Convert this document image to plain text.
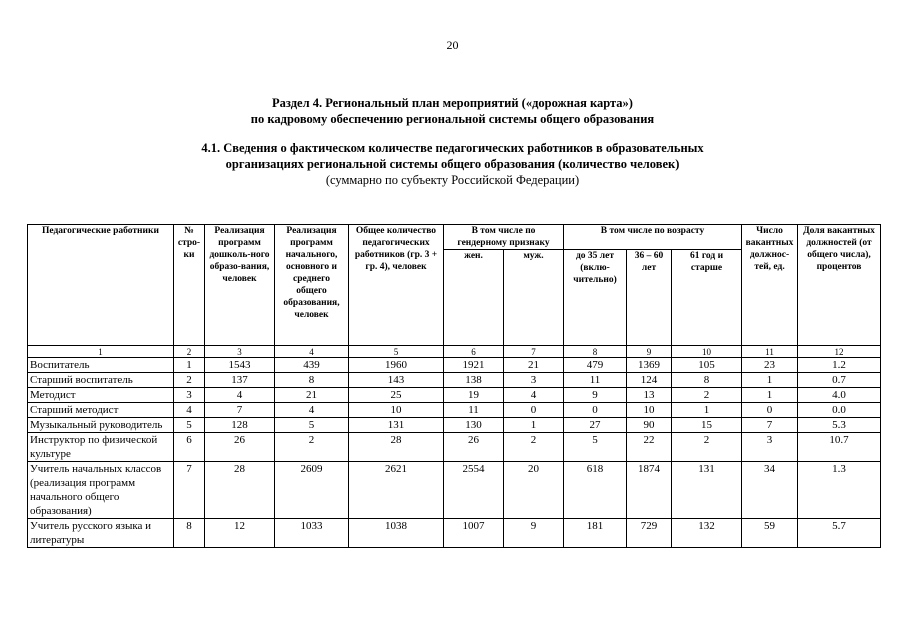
20
Раздел 4. Региональный план мероприятий («дорожная карта»)
по кадровому обеспечению региональной системы общего образования
4.1. Сведения о фактическом количестве педагогических работников в образовательных
организациях региональной системы общего образования (количество человек)
(суммарно по субъекту Российской Федерации)
Педагогические работники	№ стро-ки	Реализация программ дошколь-ного образо-вания, человек	Реализация программ начального, основного и среднего общего образования, человек	Общее количество педагогических работников (гр. 3 + гр. 4), человек	В том числе по гендерному признаку		В том числе по возрасту			Число вакантных должнос-тей, ед.	Доля вакантных должностей (от общего числа), процентов
					жен.	муж.	до 35 лет (вклю-чительно)	36 – 60 лет	61 год и старше		
1	2	3	4	5	6	7	8	9	10	11	12
Воспитатель	1	1543	439	1960	1921	21	479	1369	105	23	1.2
Старший воспитатель	2	137	8	143	138	3	11	124	8	1	0.7
Методист	3	4	21	25	19	4	9	13	2	1	4.0
Старший методист	4	7	4	10	11	0	0	10	1	0	0.0
Музыкальный руководитель	5	128	5	131	130	1	27	90	15	7	5.3
Инструктор по физической культуре	6	26	2	28	26	2	5	22	2	3	10.7
Учитель начальных классов (реализация программ начального общего образования)	7	28	2609	2621	2554	20	618	1874	131	34	1.3
Учитель русского языка и литературы	8	12	1033	1038	1007	9	181	729	132	59	5.7
